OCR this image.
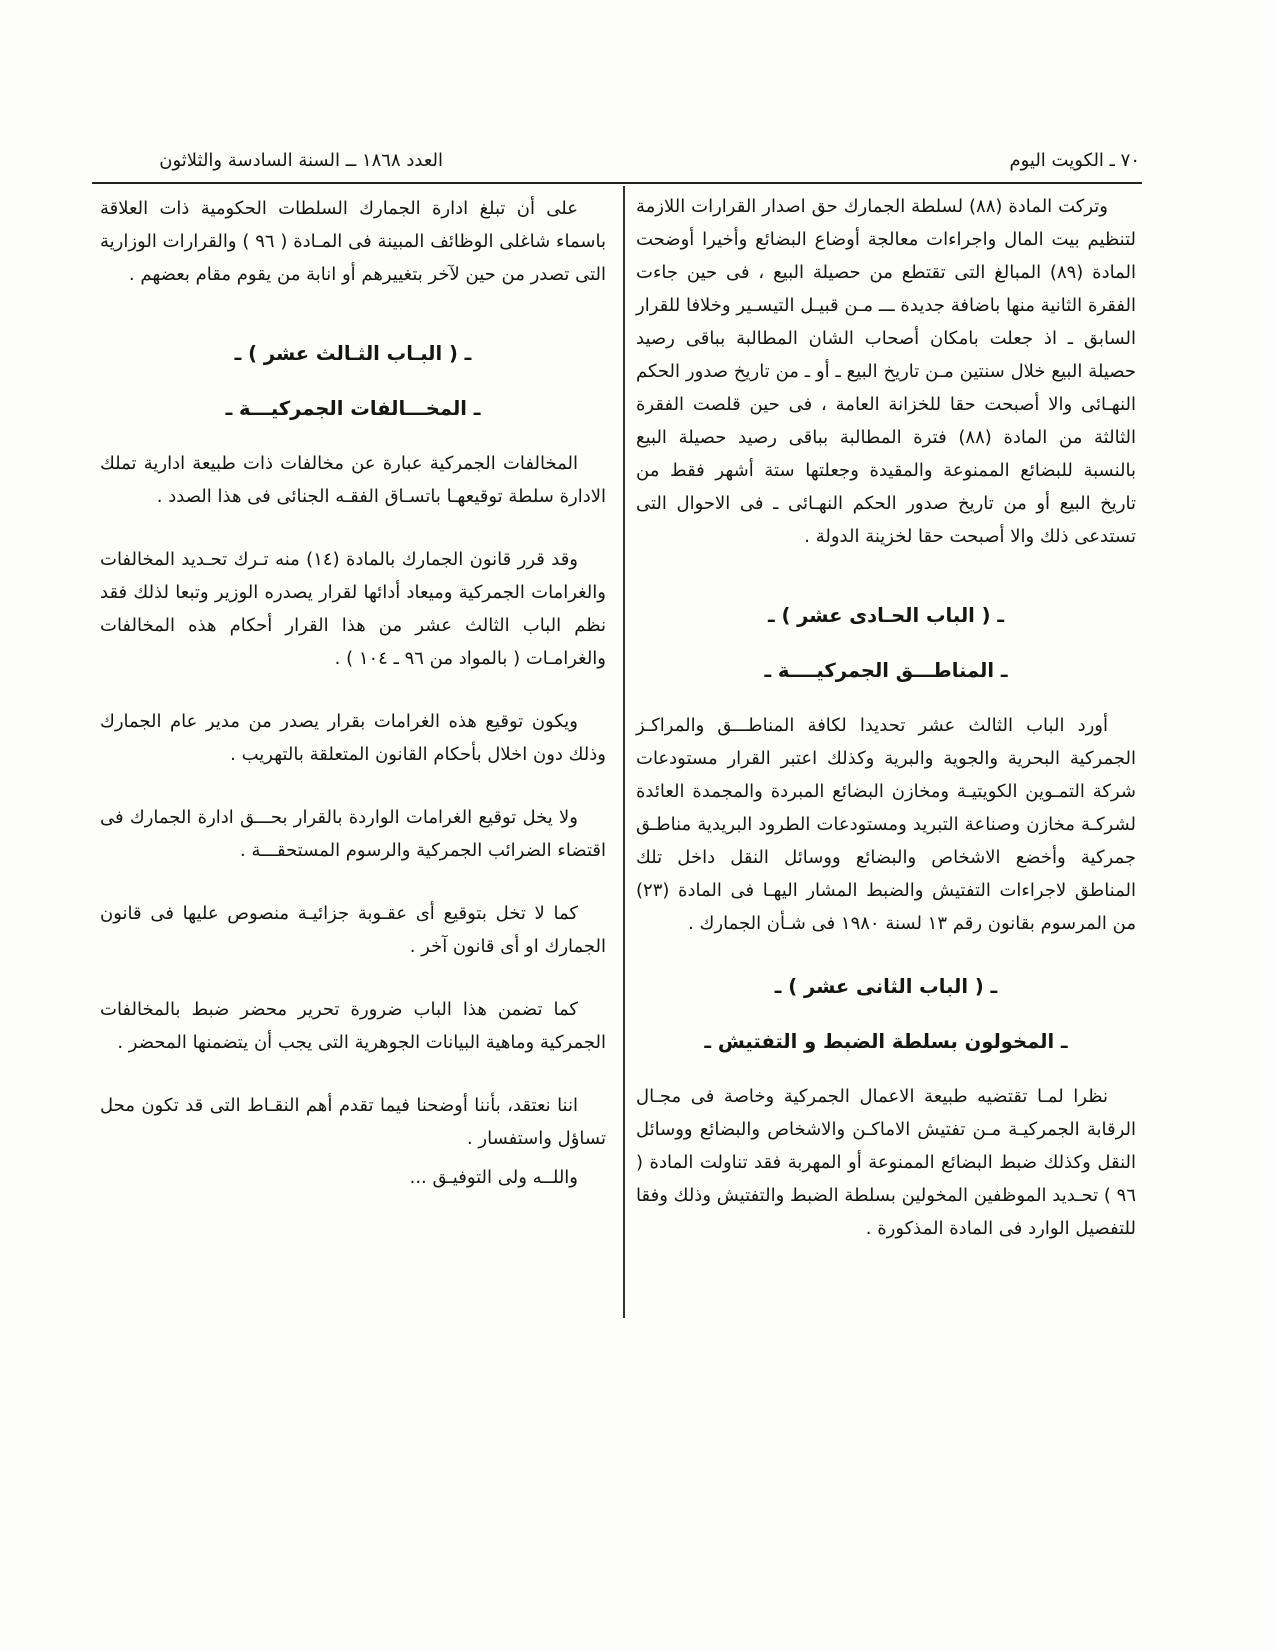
العدد ١٨٦٨ ــ السنة السادسة والثلاثون	٧٠ ـ الكويت اليوم

وتركت المادة (٨٨) لسلطة الجمارك حق اصدار القرارات اللازمة لتنظيم بيت المال واجراءات معالجة أوضاع البضائع وأخيرا أوضحت المادة (٨٩) المبالغ التى تقتطع من حصيلة البيع ، فى حين جاءت الفقرة الثانية منها باضافة جديدة ـــ مـن قبيـل التيسـير وخلافا للقرار السابق ـ اذ جعلت بامكان أصحاب الشان المطالبة بباقى رصيد حصيلة البيع خلال سنتين مـن تاريخ البيع ـ أو ـ من تاريخ صدور الحكم النهـائى والا أصبحت حقا للخزانة العامة ، فى حين قلصت الفقرة الثالثة من المادة (٨٨) فترة المطالبة بباقى رصيد حصيلة البيع بالنسبة للبضائع الممنوعة والمقيدة وجعلتها ستة أشهر فقط من تاريخ البيع أو من تاريخ صدور الحكم النهـائى ـ فى الاحوال التى تستدعى ذلك والا أصبحت حقا لخزينة الدولة .

ـ ( الباب الحـادى عشر ) ـ
ـ المناطـــق الجمركيــــة ـ

أورد الباب الثالث عشر تحديدا لكافة المناطـــق والمراكـز الجمركية البحرية والجوية والبرية وكذلك اعتبر القرار مستودعات شركة التمـوين الكويتيـة ومخازن البضائع المبردة والمجمدة العائدة لشركـة مخازن وصناعة التبريد ومستودعات الطرود البريدية مناطـق جمركية وأخضع الاشخاص والبضائع ووسائل النقل داخل تلك المناطق لاجراءات التفتيش والضبط المشار اليهـا فى المادة (٢٣) من المرسوم بقانون رقم ١٣ لسنة ١٩٨٠ فى شـأن الجمارك .

ـ ( الباب الثانى عشر ) ـ
ـ المخولون بسلطة الضبط و التفتيش ـ

نظرا لمـا تقتضيه طبيعة الاعمال الجمركية وخاصة فى مجـال الرقابة الجمركيـة مـن تفتيش الاماكـن والاشخاص والبضائع ووسائل النقل وكذلك ضبط البضائع الممنوعة أو المهربة فقد تناولت المادة ( ٩٦ ) تحـديد الموظفين المخولين بسلطة الضبط والتفتيش وذلك وفقا للتفصيل الوارد فى المادة المذكورة .

على أن تبلغ ادارة الجمارك السلطات الحكومية ذات العلاقة باسماء شاغلى الوظائف المبينة فى المـادة ( ٩٦ ) والقرارات الوزارية التى تصدر من حين لآخر بتغييرهم أو انابة من يقوم مقام بعضهم .

ـ ( البـاب الثـالث عشر ) ـ
ـ المخـــالفات الجمركيـــة ـ

المخالفات الجمركية عبارة عن مخالفات ذات طبيعة ادارية تملك الادارة سلطة توقيعهـا باتسـاق الفقـه الجنائى فى هذا الصدد .

وقد قرر قانون الجمارك بالمادة (١٤) منه تـرك تحـديد المخالفات والغرامات الجمركية وميعاد أدائها لقرار يصدره الوزير وتبعا لذلك فقد نظم الباب الثالث عشر من هذا القرار أحكام هذه المخالفات والغرامـات ( بالمواد من ٩٦ ـ ١٠٤ ) .

ويكون توقيع هذه الغرامات بقرار يصدر من مدير عام الجمارك وذلك دون اخلال بأحكام القانون المتعلقة بالتهريب .

ولا يخل توقيع الغرامات الواردة بالقرار بحـــق ادارة الجمارك فى اقتضاء الضرائب الجمركية والرسوم المستحقـــة .

كما لا تخل بتوقيع أى عقـوبة جزائيـة منصوص عليها فى قانون الجمارك او أى قانون آخر .

كما تضمن هذا الباب ضرورة تحرير محضر ضبط بالمخالفات الجمركية وماهية البيانات الجوهرية التى يجب أن يتضمنها المحضر .

اننا نعتقد، بأننا أوضحنا فيما تقدم أهم النقـاط التى قد تكون محل تساؤل واستفسار .

واللــه ولى التوفيـق ...
